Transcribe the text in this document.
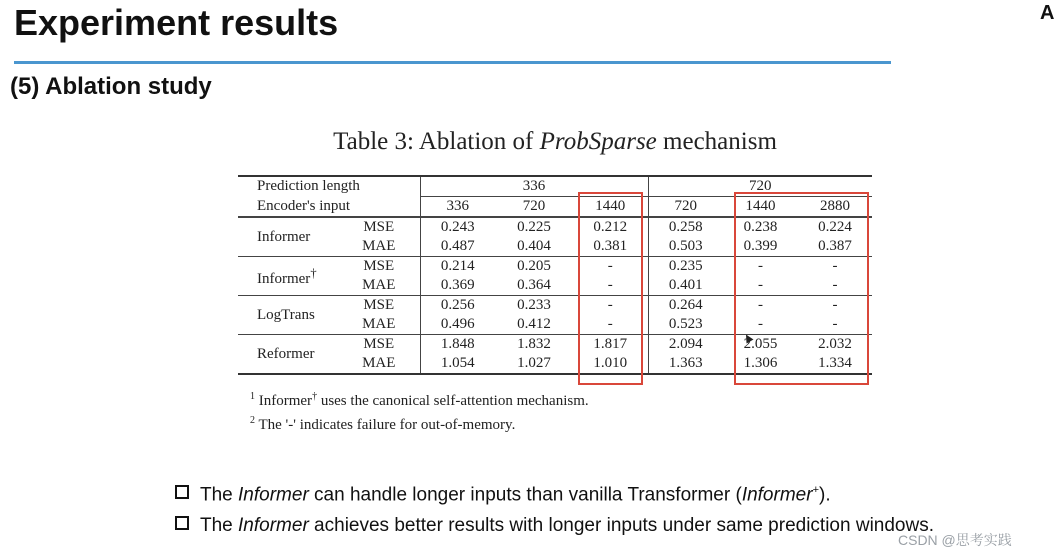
Experiment results	A
(5) Ablation study
Table 3: Ablation of ProbSparse mechanism
Prediction length		336			720		
Encoder's input		336	720	1440	720	1440	2880
Informer	MSE	0.243	0.225	0.212	0.258	0.238	0.224
	MAE	0.487	0.404	0.381	0.503	0.399	0.387
Informer†	MSE	0.214	0.205	-	0.235	-	-
	MAE	0.369	0.364	-	0.401	-	-
LogTrans	MSE	0.256	0.233	-	0.264	-	-
	MAE	0.496	0.412	-	0.523	-	-
Reformer	MSE	1.848	1.832	1.817	2.094	2.055	2.032
	MAE	1.054	1.027	1.010	1.363	1.306	1.334
$^1$ Informer† uses the canonical self-attention mechanism.
$^2$ The '-' indicates failure for out-of-memory.
The Informer can handle longer inputs than vanilla Transformer (Informer+).
The Informer achieves better results with longer inputs under same prediction windows.
CSDN @思考实践
